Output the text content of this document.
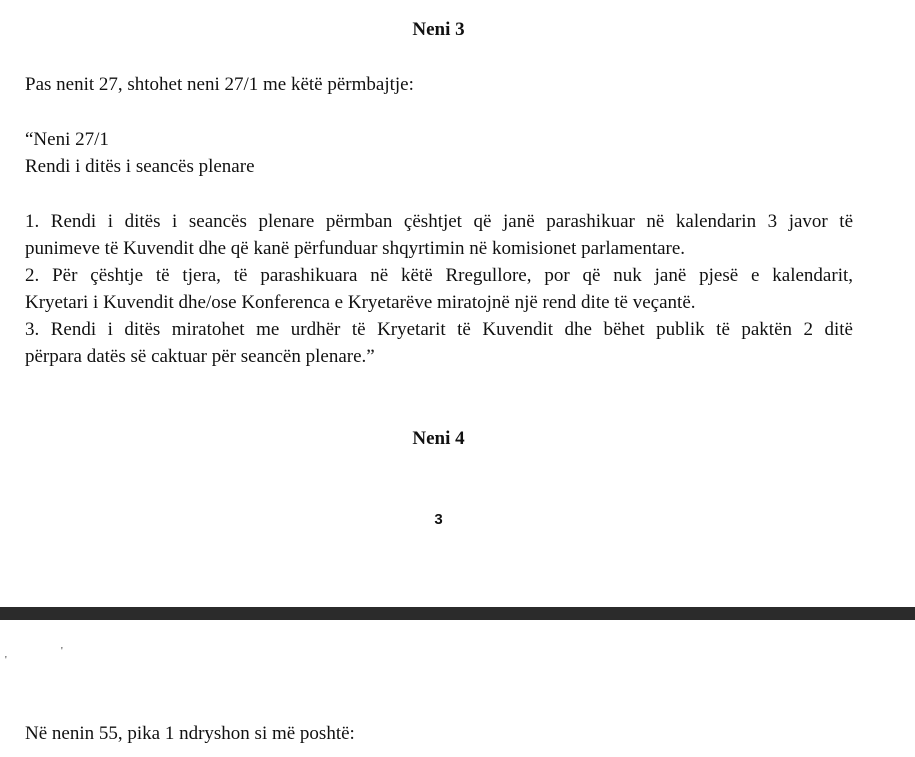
Neni 3
Pas nenit 27, shtohet neni 27/1 me këtë përmbajtje:
“Neni 27/1
Rendi i ditës i seancës plenare
1. Rendi i ditës i seancës plenare përmban çështjet që janë parashikuar në kalendarin 3 javor të
punimeve të Kuvendit dhe që kanë përfunduar shqyrtimin në komisionet parlamentare.
2. Për çështje të tjera, të parashikuara në këtë Rregullore, por që nuk janë pjesë e kalendarit,
Kryetari i Kuvendit dhe/ose Konferenca e Kryetarëve miratojnë një rend dite të veçantë.
3. Rendi i ditës miratohet me urdhër të Kryetarit të Kuvendit dhe bëhet publik të paktën 2 ditë
përpara datës së caktuar për seancën plenare.”
Neni 4
3
'
'
Në nenin 55, pika 1 ndryshon si më poshtë:
